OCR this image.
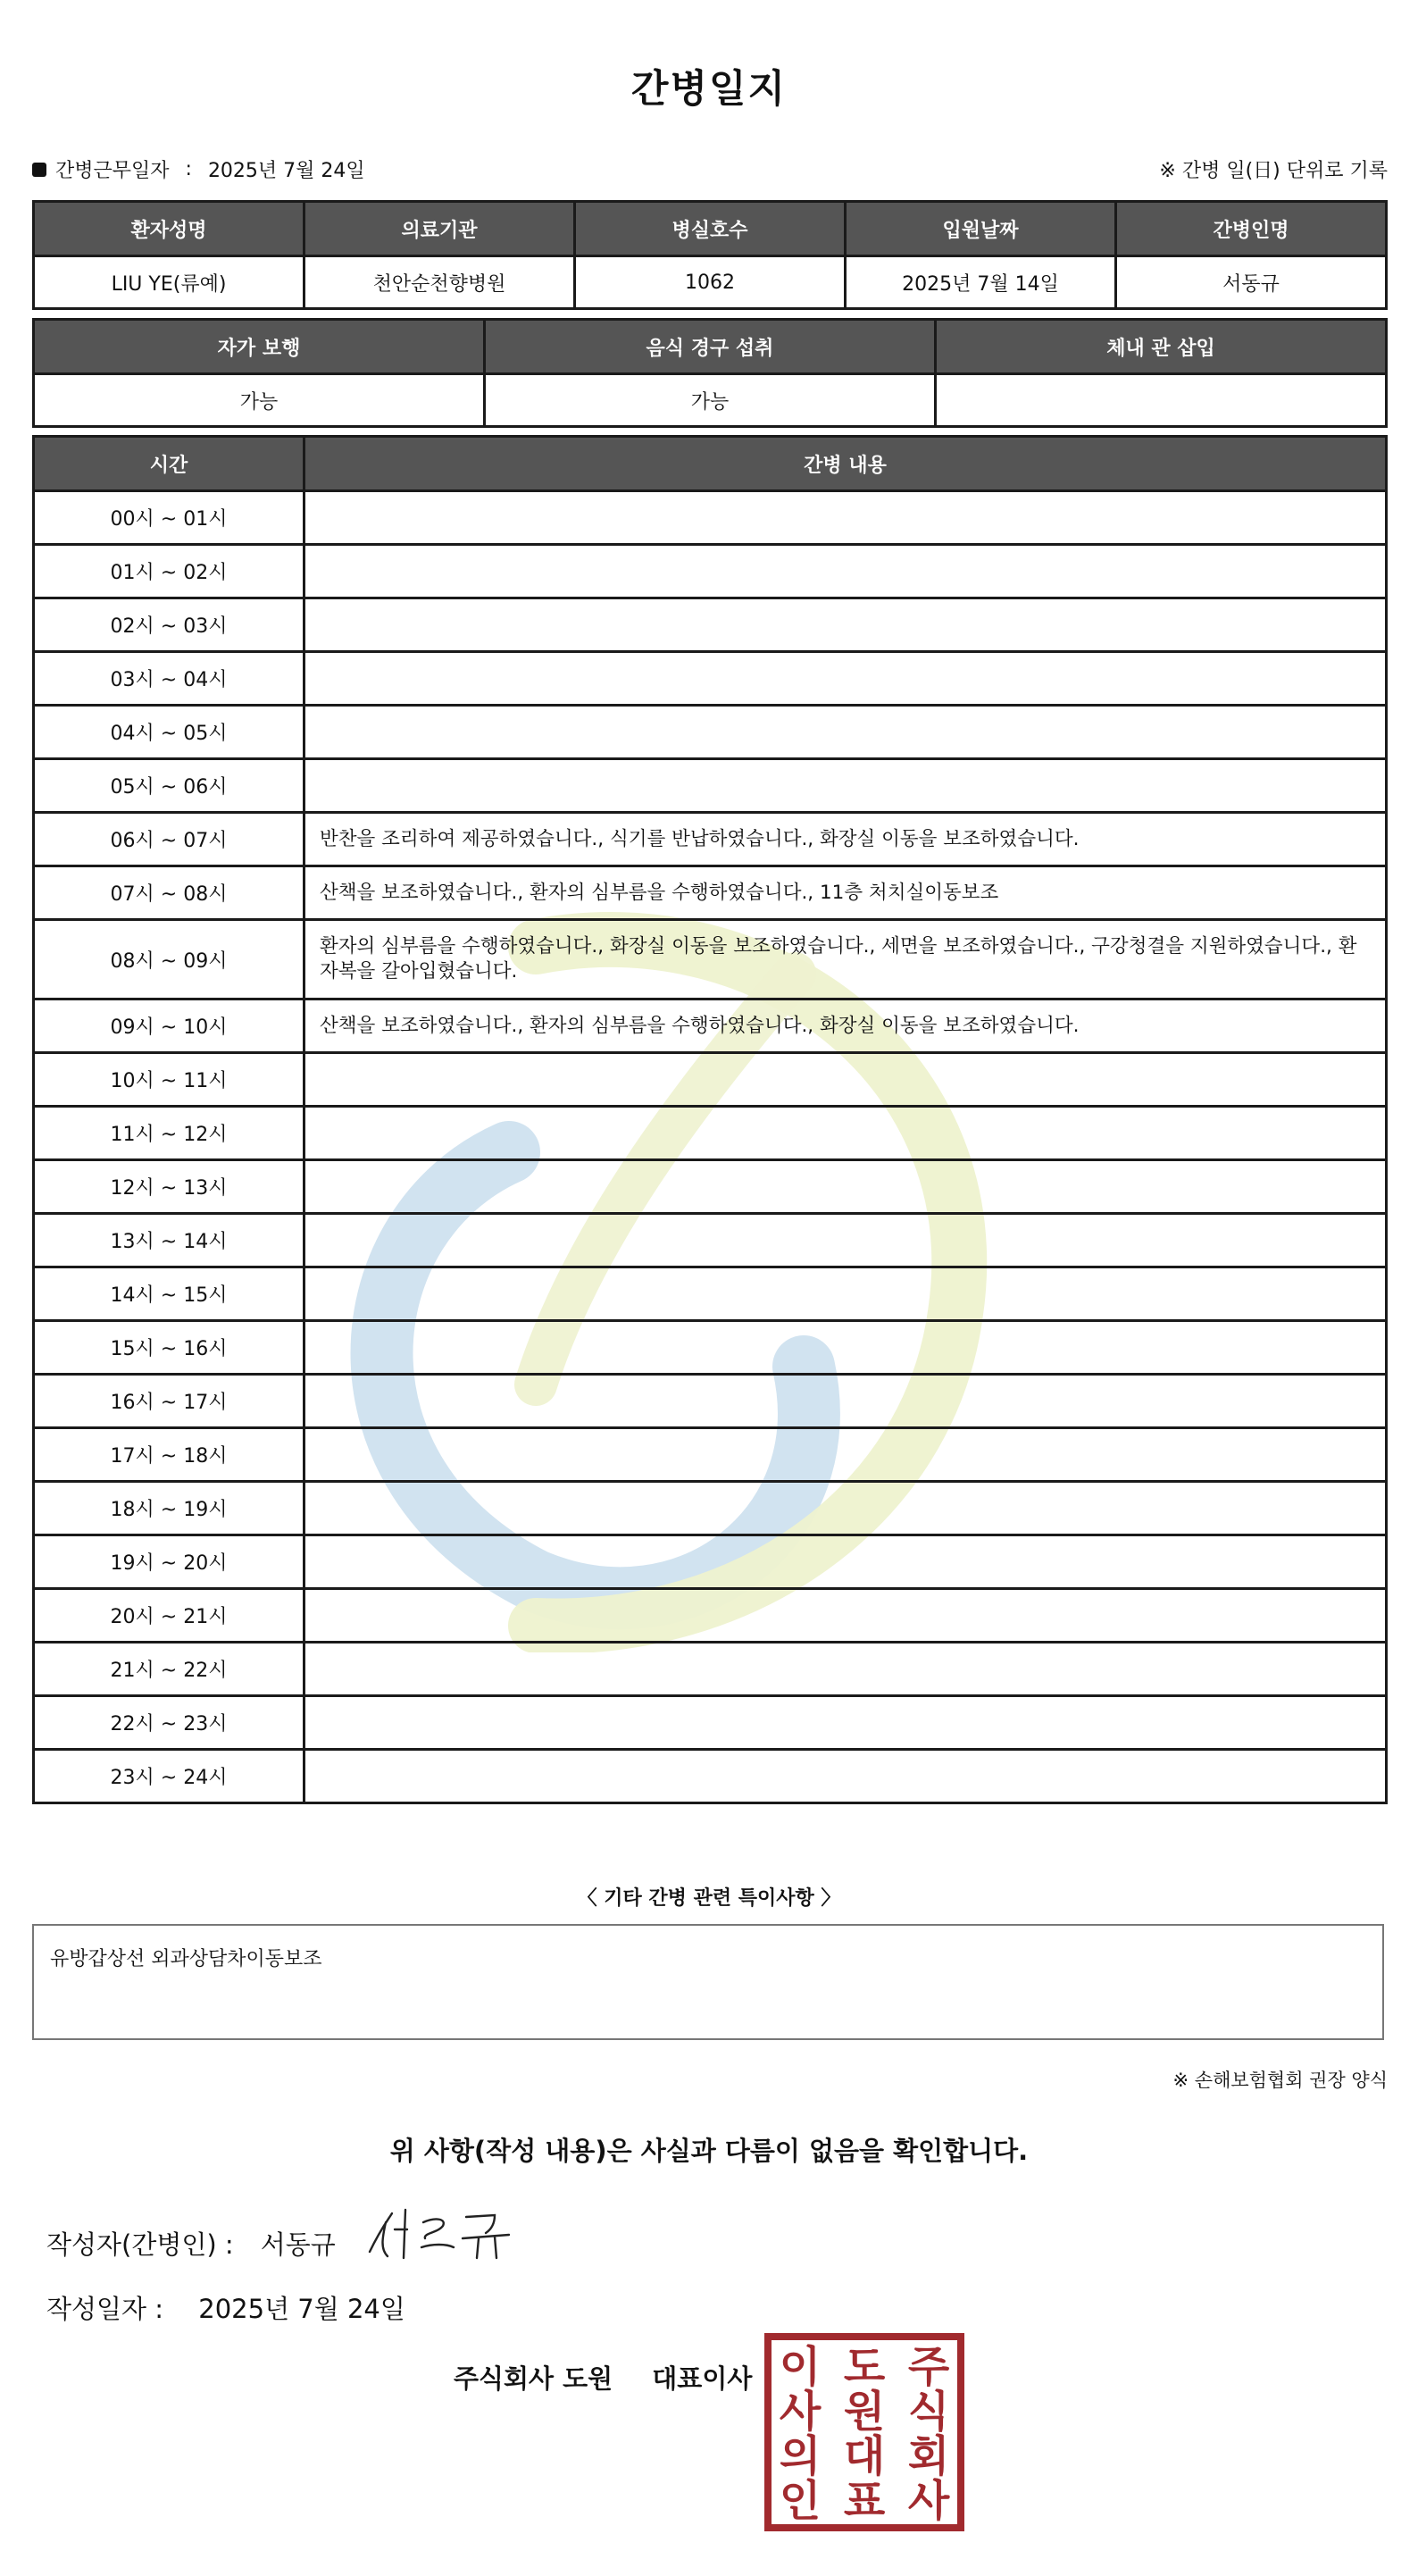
간병일지
간병근무일자 : 2025년 7월 24일	※ 간병 일(日) 단위로 기록
환자성명	의료기관	병실호수	입원날짜	간병인명
LIU YE(류예)	천안순천향병원	1062	2025년 7월 14일	서동규
자가 보행	음식 경구 섭취	체내 관 삽입
가능	가능	
시간	간병 내용
00시 ~ 01시	
01시 ~ 02시	
02시 ~ 03시	
03시 ~ 04시	
04시 ~ 05시	
05시 ~ 06시	
06시 ~ 07시	반찬을 조리하여 제공하였습니다., 식기를 반납하였습니다., 화장실 이동을 보조하였습니다.
07시 ~ 08시	산책을 보조하였습니다., 환자의 심부름을 수행하였습니다., 11층 처치실이동보조
08시 ~ 09시	환자의 심부름을 수행하였습니다., 화장실 이동을 보조하였습니다., 세면을 보조하였습니다., 구강청결을 지원하였습니다., 환자복을 갈아입혔습니다.
09시 ~ 10시	산책을 보조하였습니다., 환자의 심부름을 수행하였습니다., 화장실 이동을 보조하였습니다.
10시 ~ 11시	
11시 ~ 12시	
12시 ~ 13시	
13시 ~ 14시	
14시 ~ 15시	
15시 ~ 16시	
16시 ~ 17시	
17시 ~ 18시	
18시 ~ 19시	
19시 ~ 20시	
20시 ~ 21시	
21시 ~ 22시	
22시 ~ 23시	
23시 ~ 24시	
〈 기타 간병 관련 특이사항 〉
유방갑상선 외과상담차이동보조
※ 손해보험협회 권장 양식
위 사항(작성 내용)은 사실과 다름이 없음을 확인합니다.
작성자(간병인) : 서동규
작성일자 : 2025년 7월 24일
주식회사 도원 대표이사	주
식
회
사
도
원
대
표
이
사
의
인
